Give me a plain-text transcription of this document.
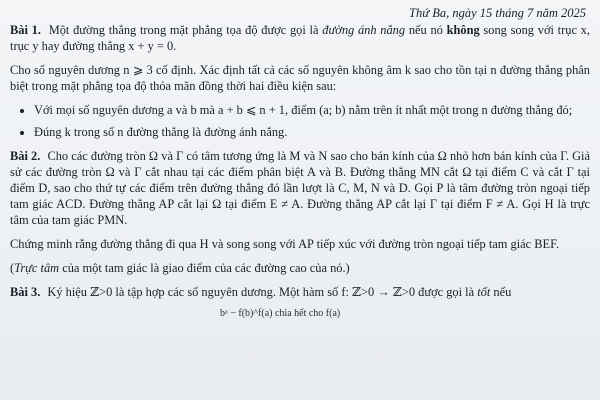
Thứ Ba, ngày 15 tháng 7 năm 2025

Bài 1. Một đường thẳng trong mặt phẳng tọa độ được gọi là đường ánh nắng nếu nó không song song với trục x, trục y hay đường thẳng x + y = 0.

Cho số nguyên dương n ⩾ 3 cố định. Xác định tất cả các số nguyên không âm k sao cho tồn tại n đường thẳng phân biệt trong mặt phẳng tọa độ thỏa mãn đồng thời hai điều kiện sau:

• Với mọi số nguyên dương a và b mà a + b ⩽ n + 1, điểm (a; b) nằm trên ít nhất một trong n đường thẳng đó;
• Đúng k trong số n đường thẳng là đường ánh nắng.

Bài 2. Cho các đường tròn Ω và Γ có tâm tương ứng là M và N sao cho bán kính của Ω nhỏ hơn bán kính của Γ. Giả sử các đường tròn Ω và Γ cắt nhau tại các điểm phân biệt A và B. Đường thẳng MN cắt Ω tại điểm C và cắt Γ tại điểm D, sao cho thứ tự các điểm trên đường thẳng đó lần lượt là C, M, N và D. Gọi P là tâm đường tròn ngoại tiếp tam giác ACD. Đường thẳng AP cắt lại Ω tại điểm E ≠ A. Đường thẳng AP cắt lại Γ tại điểm F ≠ A. Gọi H là trực tâm của tam giác PMN.

Chứng minh rằng đường thẳng đi qua H và song song với AP tiếp xúc với đường tròn ngoại tiếp tam giác BEF.

(Trực tâm của một tam giác là giao điểm của các đường cao của nó.)

Bài 3. Ký hiệu ℤ>0 là tập hợp các số nguyên dương. Một hàm số f: ℤ>0 → ℤ>0 được gọi là tốt nếu

bᵃ − f(b)^f(a) chia hết cho f(a)
